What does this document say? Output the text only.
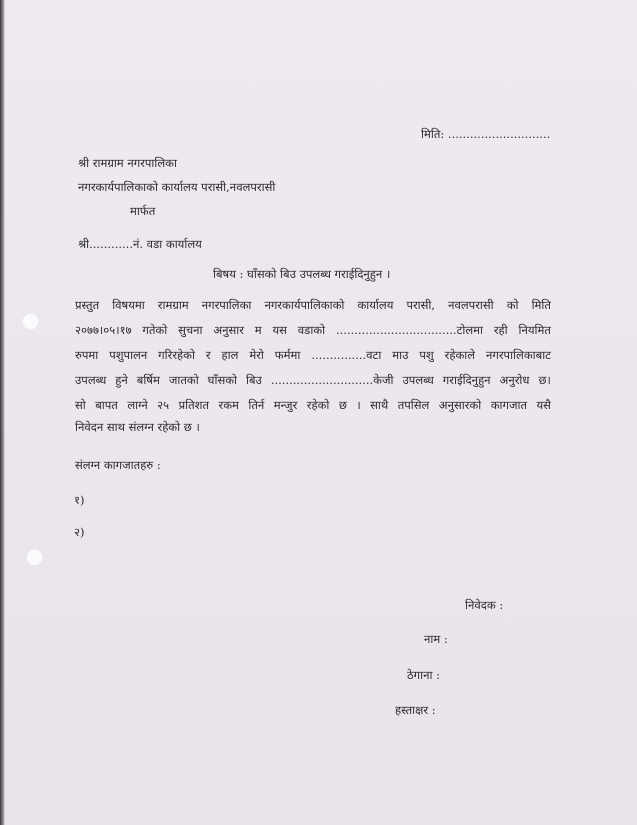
मिति: ............................
श्री रामग्राम नगरपालिका
नगरकार्यपालिकाको कार्यालय परासी,नवलपरासी
मार्फत
श्री............नं. वडा कार्यालय
बिषय : घाँसको बिउ उपलब्ध गराईदिनुहुन ।
प्रस्तुत विषयमा रामग्राम नगरपालिका नगरकार्यपालिकाको कार्यालय परासी, नवलपरासी को मिति
२०७७।०५।१७ गतेको सुचना अनुसार म यस वडाको .................................टोलमा रही नियमित
रुपमा पशुपालन गरिरहेको र हाल मेरो फर्ममा ...............वटा माउ पशु रहेकाले नगरपालिकाबाट
उपलब्ध हुने बर्षिम जातको घाँसको बिउ ............................केजी उपलब्ध गराईदिनुहुन अनुरोध छ।
सो बापत लाग्ने २५ प्रतिशत रकम तिर्न मन्जुर रहेको छ । साथै तपसिल अनुसारको कागजात यसै
निवेदन साथ संलग्न रहेको छ ।
संलग्न कागजातहरु :
१)
२)
निवेदक :
नाम :
ठेगाना :
हस्ताक्षर :
